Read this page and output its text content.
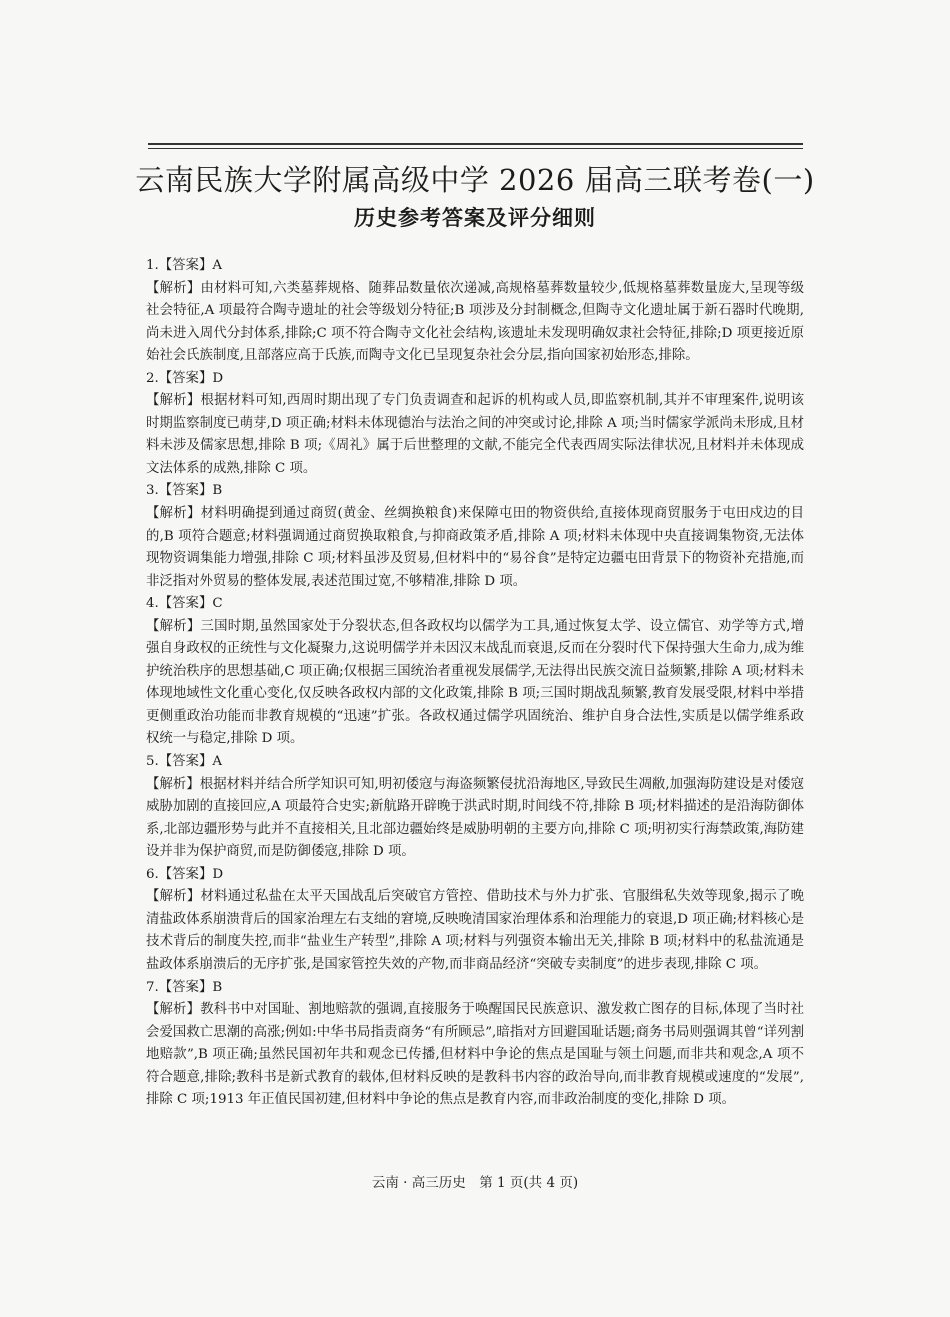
云南民族大学附属高级中学 2026 届高三联考卷(一)
历史参考答案及评分细则

1.【答案】A

【解析】由材料可知,六类墓葬规格、随葬品数量依次递减,高规格墓葬数量较少,低规格墓葬数量庞大,呈现等级社会特征,A 项最符合陶寺遗址的社会等级划分特征;B 项涉及分封制概念,但陶寺文化遗址属于新石器时代晚期,尚未进入周代分封体系,排除;C 项不符合陶寺文化社会结构,该遗址未发现明确奴隶社会特征,排除;D 项更接近原始社会氏族制度,且部落应高于氏族,而陶寺文化已呈现复杂社会分层,指向国家初始形态,排除。

2.【答案】D

【解析】根据材料可知,西周时期出现了专门负责调查和起诉的机构或人员,即监察机制,其并不审理案件,说明该时期监察制度已萌芽,D 项正确;材料未体现德治与法治之间的冲突或讨论,排除 A 项;当时儒家学派尚未形成,且材料未涉及儒家思想,排除 B 项;《周礼》属于后世整理的文献,不能完全代表西周实际法律状况,且材料并未体现成文法体系的成熟,排除 C 项。

3.【答案】B

【解析】材料明确提到通过商贸(黄金、丝绸换粮食)来保障屯田的物资供给,直接体现商贸服务于屯田戍边的目的,B 项符合题意;材料强调通过商贸换取粮食,与抑商政策矛盾,排除 A 项;材料未体现中央直接调集物资,无法体现物资调集能力增强,排除 C 项;材料虽涉及贸易,但材料中的“易谷食”是特定边疆屯田背景下的物资补充措施,而非泛指对外贸易的整体发展,表述范围过宽,不够精准,排除 D 项。

4.【答案】C

【解析】三国时期,虽然国家处于分裂状态,但各政权均以儒学为工具,通过恢复太学、设立儒官、劝学等方式,增强自身政权的正统性与文化凝聚力,这说明儒学并未因汉末战乱而衰退,反而在分裂时代下保持强大生命力,成为维护统治秩序的思想基础,C 项正确;仅根据三国统治者重视发展儒学,无法得出民族交流日益频繁,排除 A 项;材料未体现地域性文化重心变化,仅反映各政权内部的文化政策,排除 B 项;三国时期战乱频繁,教育发展受限,材料中举措更侧重政治功能而非教育规模的“迅速”扩张。各政权通过儒学巩固统治、维护自身合法性,实质是以儒学维系政权统一与稳定,排除 D 项。

5.【答案】A

【解析】根据材料并结合所学知识可知,明初倭寇与海盗频繁侵扰沿海地区,导致民生凋敝,加强海防建设是对倭寇威胁加剧的直接回应,A 项最符合史实;新航路开辟晚于洪武时期,时间线不符,排除 B 项;材料描述的是沿海防御体系,北部边疆形势与此并不直接相关,且北部边疆始终是威胁明朝的主要方向,排除 C 项;明初实行海禁政策,海防建设并非为保护商贸,而是防御倭寇,排除 D 项。

6.【答案】D

【解析】材料通过私盐在太平天国战乱后突破官方管控、借助技术与外力扩张、官服缉私失效等现象,揭示了晚清盐政体系崩溃背后的国家治理左右支绌的窘境,反映晚清国家治理体系和治理能力的衰退,D 项正确;材料核心是技术背后的制度失控,而非“盐业生产转型”,排除 A 项;材料与列强资本输出无关,排除 B 项;材料中的私盐流通是盐政体系崩溃后的无序扩张,是国家管控失效的产物,而非商品经济“突破专卖制度”的进步表现,排除 C 项。

7.【答案】B

【解析】教科书中对国耻、割地赔款的强调,直接服务于唤醒国民民族意识、激发救亡图存的目标,体现了当时社会爱国救亡思潮的高涨;例如:中华书局指责商务“有所顾忌”,暗指对方回避国耻话题;商务书局则强调其曾“详列割地赔款”,B 项正确;虽然民国初年共和观念已传播,但材料中争论的焦点是国耻与领土问题,而非共和观念,A 项不符合题意,排除;教科书是新式教育的载体,但材料反映的是教科书内容的政治导向,而非教育规模或速度的“发展”,排除 C 项;1913 年正值民国初建,但材料中争论的焦点是教育内容,而非政治制度的变化,排除 D 项。

云南 · 高三历史　第 1 页(共 4 页)
